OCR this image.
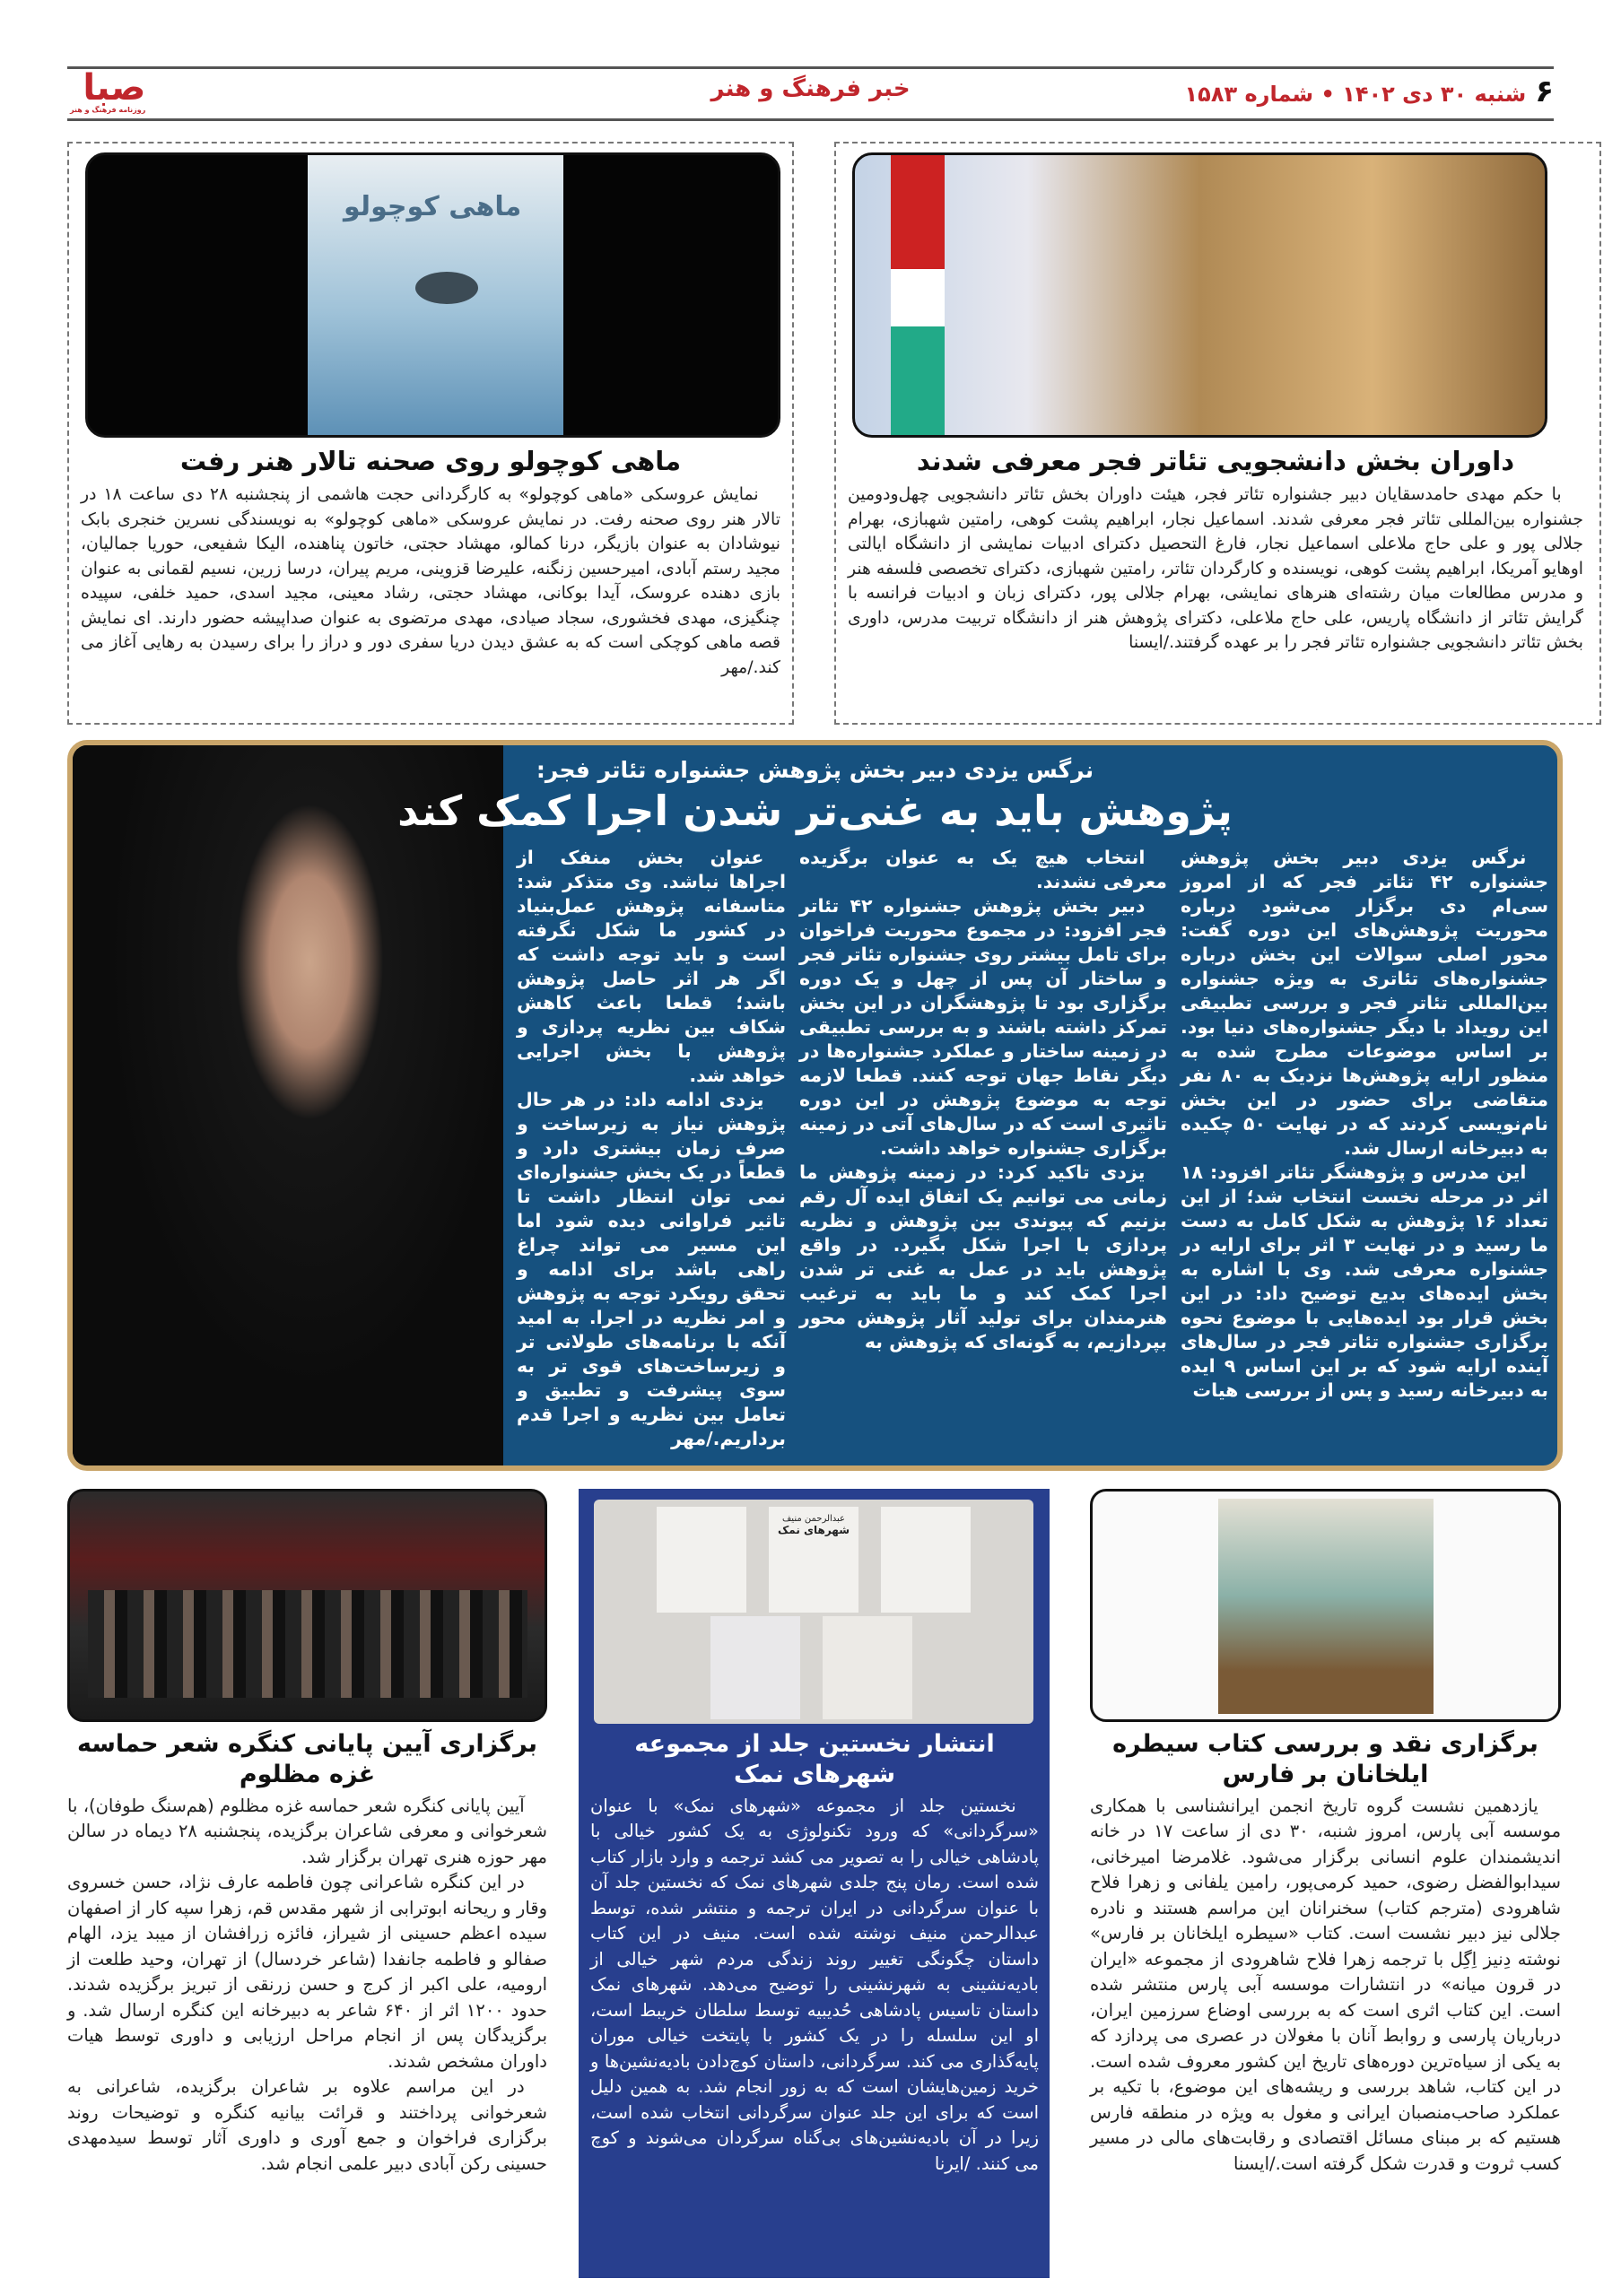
۶شنبه ۳۰ دی ۱۴۰۲ • شماره ۱۵۸۳
خبر فرهنگ و هنر
صبا
روزنامه فرهنگ و هنر
داوران بخش دانشجویی تئاتر فجر معرفی شدند

با حکم مهدی حامدسقایان دبیر جشنواره تئاتر فجر، هیئت داوران بخش تئاتر دانشجویی چهل‌ودومین جشنواره بین‌المللی تئاتر فجر معرفی شدند. اسماعیل نجار، ابراهیم پشت کوهی، رامتین شهبازی، بهرام جلالی پور و علی حاج ملاعلی اسماعیل نجار، فارغ التحصیل دکترای ادبیات نمایشی از دانشگاه ایالتی اوهایو آمریکا، ابراهیم پشت کوهی، نویسنده و کارگردان تئاتر، رامتین شهبازی، دکترای تخصصی فلسفه هنر و مدرس مطالعات میان رشته‌ای هنرهای نمایشی، بهرام جلالی پور، دکترای زبان و ادبیات فرانسه با گرایش تئاتر از دانشگاه پاریس، علی حاج ملاعلی، دکترای پژوهش هنر از دانشگاه تربیت مدرس، داوری بخش تئاتر دانشجویی جشنواره تئاتر فجر را بر عهده گرفتند./ایسنا

ماهی کوچولو
ماهی کوچولو روی صحنه تالار هنر رفت

نمایش عروسکی «ماهی کوچولو» به کارگردانی حجت هاشمی از پنجشنبه ۲۸ دی ساعت ۱۸ در تالار هنر روی صحنه رفت. در نمایش عروسکی «ماهی کوچولو» به نویسندگی نسرین خنجری بابک نیوشادان به عنوان بازیگر، درنا کمالو، مهشاد حجتی، خاتون پناهنده، الیکا شفیعی، حوریا جمالیان، مجید رستم آبادی، امیرحسین زنگنه، علیرضا قزوینی، مریم پیران، درسا زرین، نسیم لقمانی به عنوان بازی دهنده عروسک، آیدا بوکانی، مهشاد حجتی، رشاد معینی، مجید اسدی، حمید خلفی، سپیده چنگیزی، مهدی فخشوری، سجاد صیادی، مهدی مرتضوی به عنوان صداپیشه حضور دارند. ای نمایش قصه ماهی کوچکی است که به عشق دیدن دریا سفری دور و دراز را برای رسیدن به رهایی آغاز می کند./مهر

نرگس یزدی دبیر بخش پژوهش جشنواره تئاتر فجر:
پژوهش باید به غنی‌تر شدن اجرا کمک کند

نرگس یزدی دبیر بخش پژوهش جشنواره ۴۲ تئاتر فجر که از امروز سی‌ام دی برگزار می‌شود درباره محوریت پژوهش‌های این دوره گفت: محور اصلی سوالات این بخش درباره جشنواره‌های تئاتری به ویژه جشنواره بین‌المللی تئاتر فجر و بررسی تطبیقی این رویداد با دیگر جشنواره‌های دنیا بود. بر اساس موضوعات مطرح شده به منظور ارایه پژوهش‌ها نزدیک به ۸۰ نفر متقاضی برای حضور در این بخش نام‌نویسی کردند که در نهایت ۵۰ چکیده به دبیرخانه ارسال شد.

این مدرس و پژوهشگر تئاتر افزود: ۱۸ اثر در مرحله نخست انتخاب شد؛ از این تعداد ۱۶ پژوهش به شکل کامل به دست ما رسید و در نهایت ۳ اثر برای ارایه در جشنواره معرفی شد. وی با اشاره به بخش ایده‌های بدیع توضیح داد: در این بخش قرار بود ایده‌هایی با موضوع نحوه برگزاری جشنواره تئاتر فجر در سال‌های آینده ارایه شود که بر این اساس ۹ ایده به دبیرخانه رسید و پس از بررسی هیات

انتخاب هیچ یک به عنوان برگزیده معرفی نشدند.

دبیر بخش پژوهش جشنواره ۴۲ تئاتر فجر افزود: در مجموع محوریت فراخوان برای تامل بیشتر روی جشنواره تئاتر فجر و ساختار آن پس از چهل و یک دوره برگزاری بود تا پژوهشگران در این بخش تمرکز داشته باشند و به بررسی تطبیقی در زمینه ساختار و عملکرد جشنواره‌ها در دیگر نقاط جهان توجه کنند. قطعا لازمه توجه به موضوع پژوهش در این دوره تاثیری است که در سال‌های آتی در زمینه برگزاری جشنواره خواهد داشت.

یزدی تاکید کرد: در زمینه پژوهش ما زمانی می توانیم یک اتفاق ایده آل رقم بزنیم که پیوندی بین پژوهش و نظریه پردازی با اجرا شکل بگیرد. در واقع پژوهش باید در عمل به غنی تر شدن اجرا کمک کند و ما باید به ترغیب هنرمندان برای تولید آثار پژوهش محور بپردازیم، به گونه‌ای که پژوهش به

عنوان بخش منفک از اجراها نباشد. وی متذکر شد: متاسفانه پژوهش عمل‌بنیاد در کشور ما شکل نگرفته است و باید توجه داشت که اگر هر اثر حاصل پژوهش باشد؛ قطعا باعث کاهش شکاف بین نظریه پردازی و پژوهش با بخش اجرایی خواهد شد.

یزدی ادامه داد: در هر حال پژوهش نیاز به زیرساخت و صرف زمان بیشتری دارد و قطعاً در یک بخش جشنواره‌ای نمی توان انتظار داشت تا تاثیر فراوانی دیده شود اما این مسیر می تواند چراغ راهی باشد برای ادامه و تحقق رویکرد توجه به پژوهش و امر نظریه در اجرا. به امید آنکه با برنامه‌های طولانی تر و زیرساخت‌های قوی تر به سوی پیشرفت و تطبیق و تعامل بین نظریه و اجرا قدم برداریم./مهر

برگزاری نقد و بررسی کتاب سیطره ایلخانان بر فارس

یازدهمین نشست گروه تاریخ انجمن ایرانشناسی با همکاری موسسه آبی پارس، امروز شنبه، ۳۰ دی از ساعت ۱۷ در خانه اندیشمندان علوم انسانی برگزار می‌شود. غلامرضا امیرخانی، سیدابوالفضل رضوی، حمید کرمی‌پور، رامین یلفانی و زهرا فلاح شاهرودی (مترجم کتاب) سخنرانان این مراسم هستند و نادره جلالی نیز دبیر نشست است. کتاب «سیطره ایلخانان بر فارس» نوشته دِنیز اِگِل با ترجمه زهرا فلاح شاهرودی از مجموعه «ایران در قرون میانه» در انتشارات موسسه آبی پارس منتشر شده است. این کتاب اثری است که به بررسی اوضاع سرزمین ایران، درباریان پارسی و روابط آنان با مغولان در عصری می پردازد که به یکی از سیاه‌ترین دوره‌های تاریخ این کشور معروف شده است. در این کتاب، شاهد بررسی و ریشه‌های این موضوع، با تکیه بر عملکرد صاحب‌منصبان ایرانی و مغول به ویژه در منطقه فارس هستیم که بر مبنای مسائل اقتصادی و رقابت‌های مالی در مسیر کسب ثروت و قدرت شکل گرفته است./ایسنا

عبدالرحمن منیف
شهرهای نمک
انتشار نخستین جلد از مجموعه شهرهای نمک

نخستین جلد از مجموعه «شهرهای نمک» با عنوان «سرگردانی» که ورود تکنولوژی به یک کشور خیالی با پادشاهی خیالی را به تصویر می کشد ترجمه و وارد بازار کتاب شده است. رمان پنج جلدی شهرهای نمک که نخستین جلد آن با عنوان سرگردانی در ایران ترجمه و منتشر شده، توسط عبدالرحمن منیف نوشته شده است. منیف در این کتاب داستان چگونگی تغییر روند زندگی مردم شهر خیالی از بادیه‌نشینی به شهرنشینی را توضیح می‌دهد. شهرهای نمک داستان تاسیس پادشاهی حُدیبیه توسط سلطان خریبط است، او این سلسله را در یک کشور با پایتخت خیالی موران پایه‌گذاری می کند. سرگردانی، داستان کوچ‌دادن بادیه‌نشین‌ها و خرید زمین‌هایشان است که به زور انجام شد. به همین دلیل است که برای این جلد عنوان سرگردانی انتخاب شده است، زیرا در آن بادیه‌نشین‌های بی‌گناه سرگردان می‌شوند و کوچ می کنند. /ایرنا

برگزاری آیین پایانی کنگره شعر حماسه غزه مظلوم

آیین پایانی کنگره شعر حماسه غزه مظلوم (هم‌سنگ طوفان)، با شعرخوانی و معرفی شاعران برگزیده، پنجشنبه ۲۸ دیماه در سالن مهر حوزه هنری تهران برگزار شد.

در این کنگره شاعرانی چون فاطمه عارف نژاد، حسن خسروی وقار و ریحانه ابوترابی از شهر مقدس قم، زهرا سپه کار از اصفهان سیده اعظم حسینی از شیراز، فائزه زرافشان از میبد یزد، الهام صفالو و فاطمه جانفدا (شاعر خردسال) از تهران، وحید طلعت از ارومیه، علی اکبر از کرج و حسن زرنقی از تبریز برگزیده شدند. حدود ۱۲۰۰ اثر از ۶۴۰ شاعر به دبیرخانه این کنگره ارسال شد. و برگزیدگان پس از انجام مراحل ارزیابی و داوری توسط هیات داوران مشخص شدند.

در این مراسم علاوه بر شاعران برگزیده، شاعرانی به شعرخوانی پرداختند و قرائت بیانیه کنگره و توضیحات روند برگزاری فراخوان و جمع آوری و داوری آثار توسط سیدمهدی حسینی رکن آبادی دبیر علمی انجام شد.
